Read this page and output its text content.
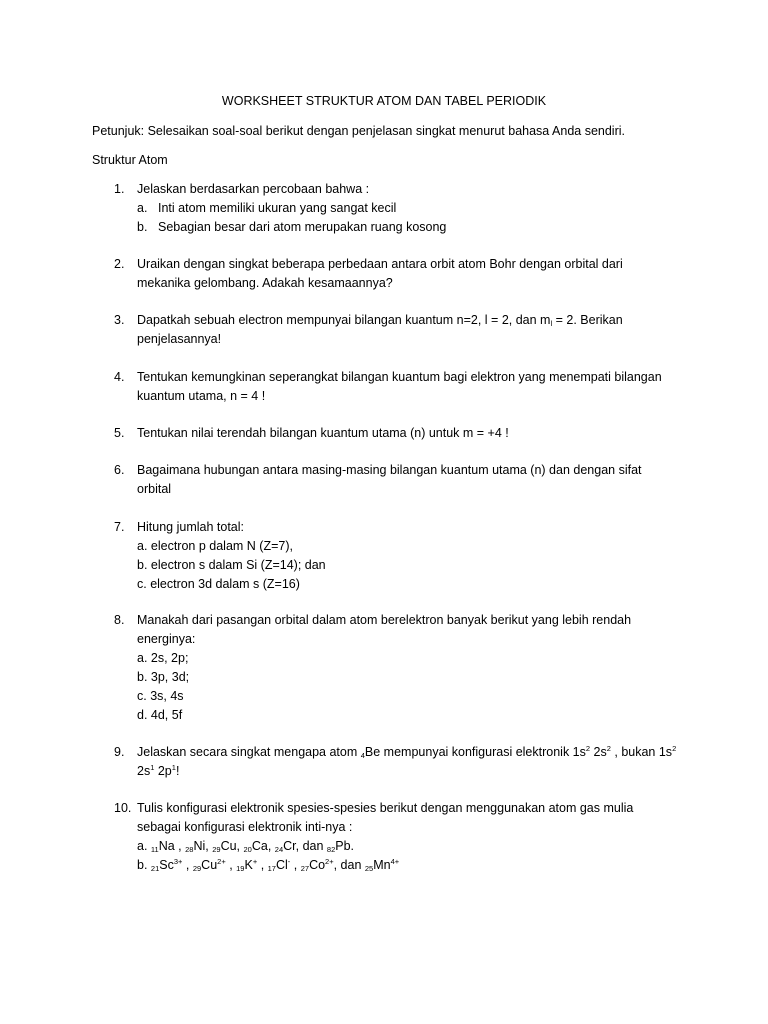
WORKSHEET STRUKTUR ATOM DAN TABEL PERIODIK
Petunjuk: Selesaikan soal-soal berikut dengan penjelasan singkat menurut bahasa Anda sendiri.
Struktur Atom
1. Jelaskan berdasarkan percobaan bahwa :
a. Inti atom memiliki ukuran yang sangat kecil
b. Sebagian besar dari atom merupakan ruang kosong
2. Uraikan dengan singkat beberapa perbedaan antara orbit atom Bohr dengan orbital dari
mekanika gelombang. Adakah kesamaannya?
3. Dapatkah sebuah electron mempunyai bilangan kuantum n=2, l = 2, dan $m_l = 2$. Berikan
penjelasannya!
4. Tentukan kemungkinan seperangkat bilangan kuantum bagi elektron yang menempati bilangan
kuantum utama, n = 4 !
5. Tentukan nilai terendah bilangan kuantum utama (n) untuk m = +4 !
6. Bagaimana hubungan antara masing-masing bilangan kuantum utama (n) dan dengan sifat
orbital
7. Hitung jumlah total:
a. electron p dalam N (Z=7),
b. electron s dalam Si (Z=14); dan
c. electron 3d dalam s (Z=16)
8. Manakah dari pasangan orbital dalam atom berelektron banyak berikut yang lebih rendah
energinya:
a. 2s, 2p;
b. 3p, 3d;
c. 3s, 4s
d. 4d, 5f
9. Jelaskan secara singkat mengapa atom $_4$Be mempunyai konfigurasi elektronik $1s^2$ $2s^2$ , bukan $1s^2$
$2s^1$ $2p^1$!
10. Tulis konfigurasi elektronik spesies-spesies berikut dengan menggunakan atom gas mulia
sebagai konfigurasi elektronik inti-nya :
a. $_{11}$Na , $_{28}$Ni, $_{29}$Cu, $_{20}$Ca, $_{24}$Cr, dan $_{82}$Pb.
b. $_{21}Sc^{3+}$ , $_{29}Cu^{2+}$ , $_{19}$K+ , $_{17}$Cl- , $_{27}Co^{2+}$, dan $_{25}Mn^{4+}$
